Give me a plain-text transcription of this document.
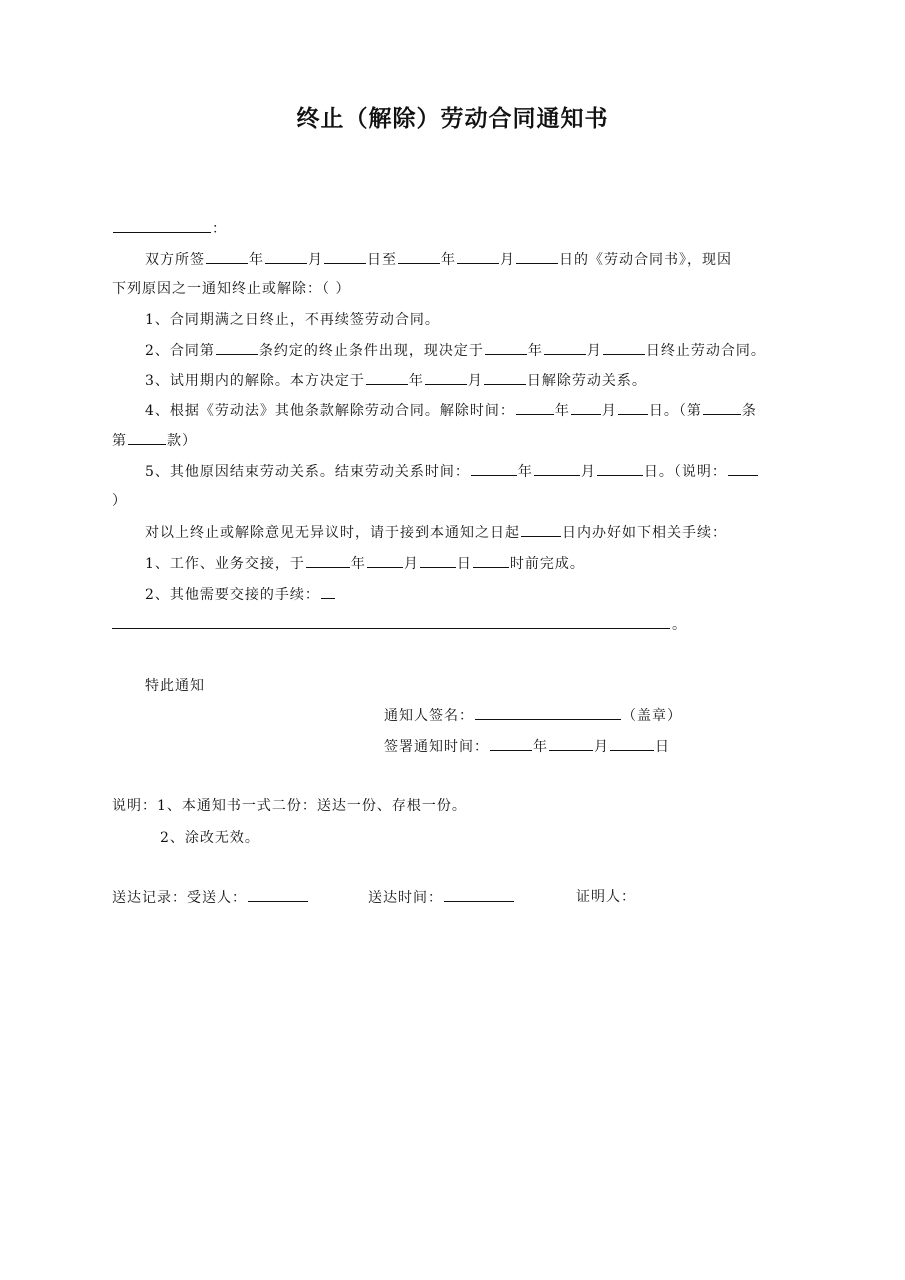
终止（解除）劳动合同通知书
：
双方所签	年	月	日至	年	月	日的《劳动合同书》，现因
下列原因之一通知终止或解除：（ ）
1、合同期满之日终止，不再续签劳动合同。
2、合同第	条约定的终止条件出现，现决定于	年	月	日终止劳动合同。
3、试用期内的解除。本方决定于	年	月	日解除劳动关系。
4、根据《劳动法》其他条款解除劳动合同。解除时间：	年 月 日。（第	条
第	款）
5、其他原因结束劳动关系。结束劳动关系时间：	年	月	日。（说明：
）
对以上终止或解除意见无异议时，请于接到本通知之日起	日内办好如下相关手续：
1、工作、业务交接，于	年	月	日	时前完成。
2、其他需要交接的手续：
。
特此通知
通知人签名：	（盖章）
签署通知时间：	年	月	日
说明：1、本通知书一式二份：送达一份、存根一份。
2、涂改无效。
送达记录：受送人：	送达时间：	证明人：
